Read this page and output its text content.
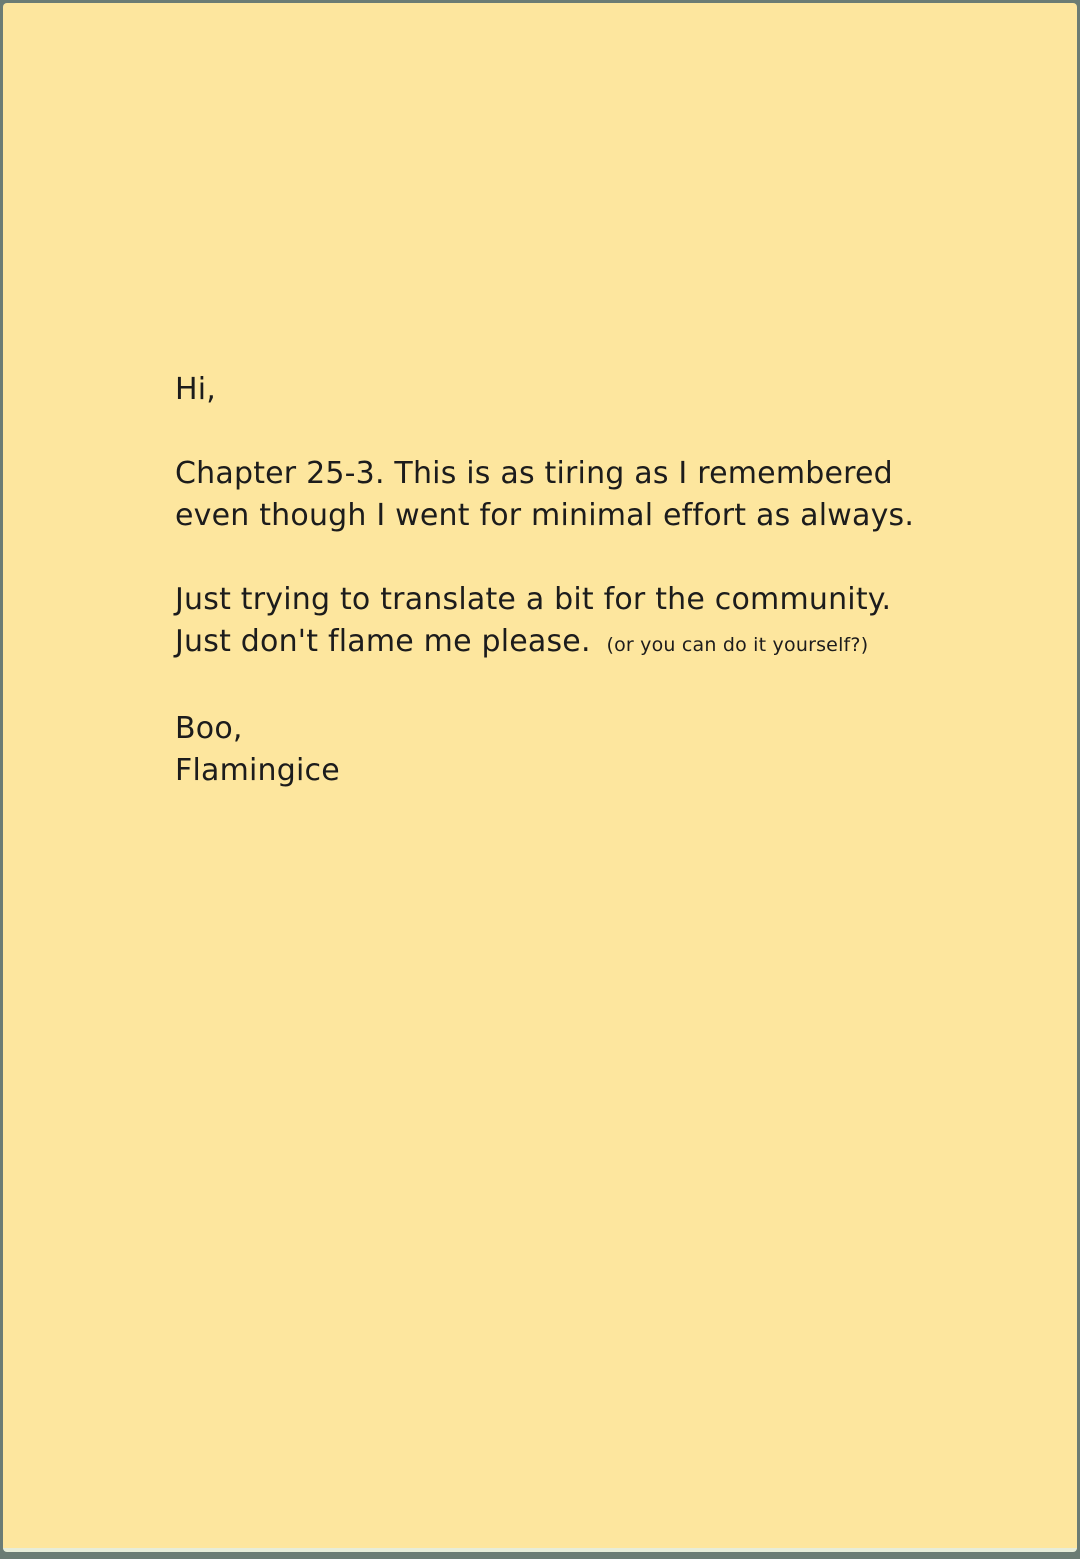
Hi,

Chapter 25-3. This is as tiring as I remembered

even though I went for minimal effort as always.

Just trying to translate a bit for the community.

Just don't flame me please. (or you can do it yourself?)

Boo,

Flamingice
